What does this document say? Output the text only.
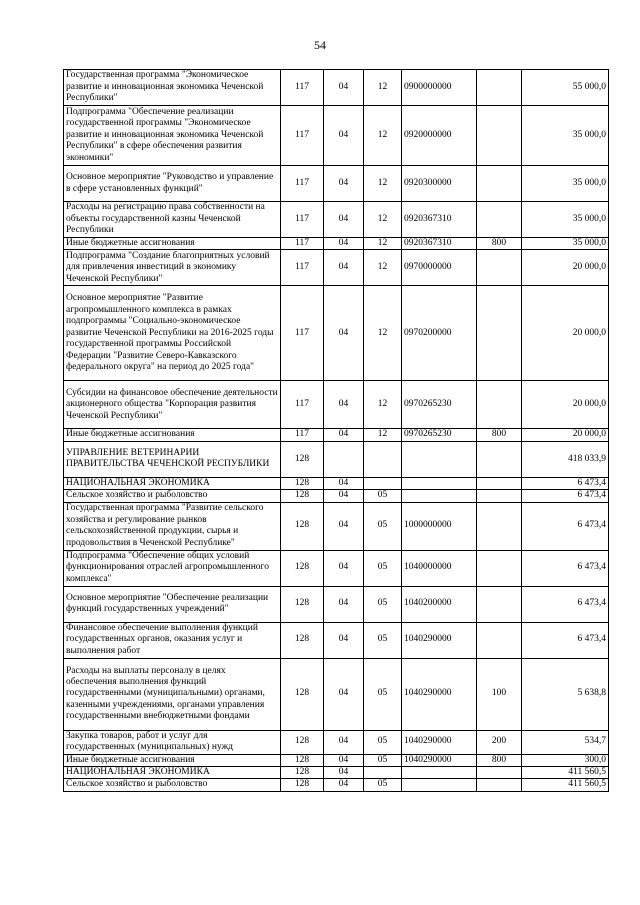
54
Государственная программа "Экономическое развитие и инновационная экономика Чеченской Республики"	117	04	12	0900000000		55 000,0
Подпрограмма "Обеспечение реализации государственной программы "Экономическое развитие и инновационная экономика Чеченской Республики" в сфере обеспечения развития экономики"	117	04	12	0920000000		35 000,0
Основное мероприятие "Руководство и управление в сфере установленных функций"	117	04	12	0920300000		35 000,0
Расходы на регистрацию права собственности на объекты государственной казны Чеченской Республики	117	04	12	0920367310		35 000,0
Иные бюджетные ассигнования	117	04	12	0920367310	800	35 000,0
Подпрограмма "Создание благоприятных условий для привлечения инвестиций в экономику Чеченской Республики"	117	04	12	0970000000		20 000,0
Основное мероприятие "Развитие агропромышленного комплекса в рамках подпрограммы "Социально-экономическое развитие Чеченской Республики на 2016-2025 годы государственной программы Российской Федерации "Развитие Северо-Кавказского федерального округа" на период до 2025 года"	117	04	12	0970200000		20 000,0
Субсидии на финансовое обеспечение деятельности акционерного общества "Корпорация развития Чеченской Республики"	117	04	12	0970265230		20 000,0
Иные бюджетные ассигнования	117	04	12	0970265230	800	20 000,0
УПРАВЛЕНИЕ ВЕТЕРИНАРИИ ПРАВИТЕЛЬСТВА ЧЕЧЕНСКОЙ РЕСПУБЛИКИ	128					418 033,9
НАЦИОНАЛЬНАЯ ЭКОНОМИКА	128	04				6 473,4
Сельское хозяйство и рыболовство	128	04	05			6 473,4
Государственная программа "Развитие сельского хозяйства и регулирование рынков сельскохозяйственной продукции, сырья и продовольствия в Чеченской Республике"	128	04	05	1000000000		6 473,4
Подпрограмма "Обеспечение общих условий функционирования отраслей агропромышленного комплекса"	128	04	05	1040000000		6 473,4
Основное мероприятие "Обеспечение реализации функций государственных учреждений"	128	04	05	1040200000		6 473,4
Финансовое обеспечение выполнения функций государственных органов, оказания услуг и выполнения работ	128	04	05	1040290000		6 473,4
Расходы на выплаты персоналу в целях обеспечения выполнения функций государственными (муниципальными) органами, казенными учреждениями, органами управления государственными внебюджетными фондами	128	04	05	1040290000	100	5 638,8
Закупка товаров, работ и услуг для государственных (муниципальных) нужд	128	04	05	1040290000	200	534,7
Иные бюджетные ассигнования	128	04	05	1040290000	800	300,0
НАЦИОНАЛЬНАЯ ЭКОНОМИКА	128	04				411 560,5
Сельское хозяйство и рыболовство	128	04	05			411 560,5
